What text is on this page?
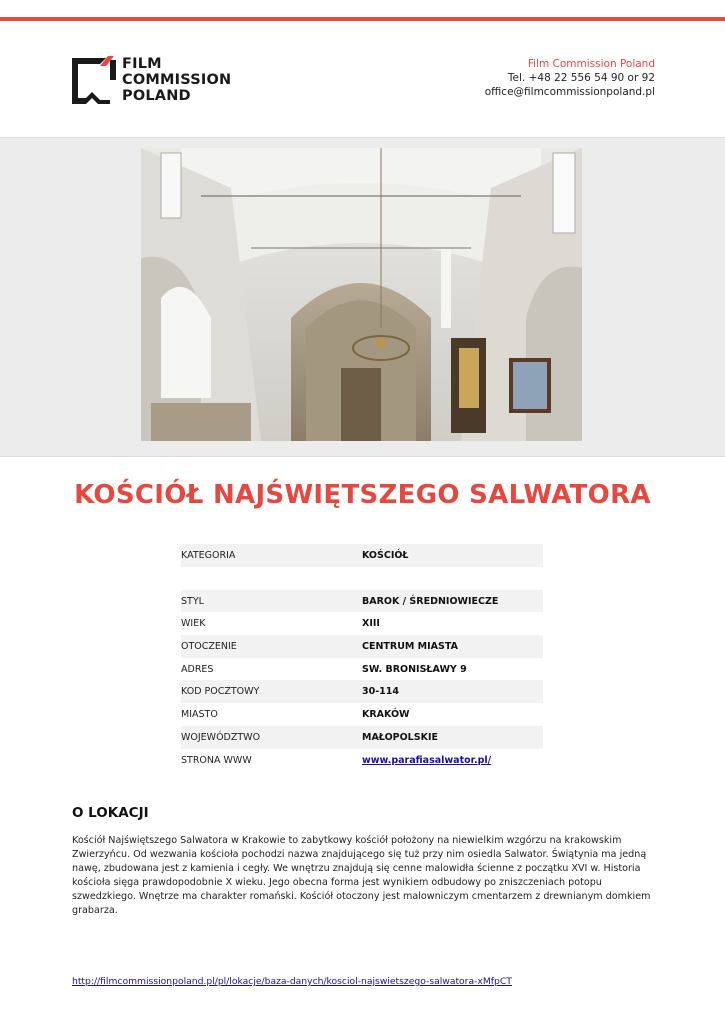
FILM
COMMISSION
POLAND
Film Commission Poland
Tel. +48 22 556 54 90 or 92
office@filmcommissionpoland.pl
KOŚCIÓŁ NAJŚWIĘTSZEGO SALWATORA
KATEGORIA	KOŚCIÓŁ
STYL	BAROK / ŚREDNIOWIECZE
WIEK	XIII
OTOCZENIE	CENTRUM MIASTA
ADRES	SW. BRONISŁAWY 9
KOD POCZTOWY	30-114
MIASTO	KRAKÓW
WOJEWÓDZTWO	MAŁOPOLSKIE
STRONA WWW	www.parafiasalwator.pl/
O LOKACJI
Kościół Najświętszego Salwatora w Krakowie to zabytkowy kościół położony na niewielkim wzgórzu na krakowskim Zwierzyńcu. Od wezwania kościoła pochodzi nazwa znajdującego się tuż przy nim osiedla Salwator. Świątynia ma jedną nawę, zbudowana jest z kamienia i cegły. We wnętrzu znajdują się cenne malowidła ścienne z początku XVI w. Historia kościoła sięga prawdopodobnie X wieku. Jego obecna forma jest wynikiem odbudowy po zniszczeniach potopu szwedzkiego. Wnętrze ma charakter romański. Kościół otoczony jest malowniczym cmentarzem z drewnianym domkiem grabarza.
http://filmcommissionpoland.pl/pl/lokacje/baza-danych/kosciol-najswietszego-salwatora-xMfpCT
